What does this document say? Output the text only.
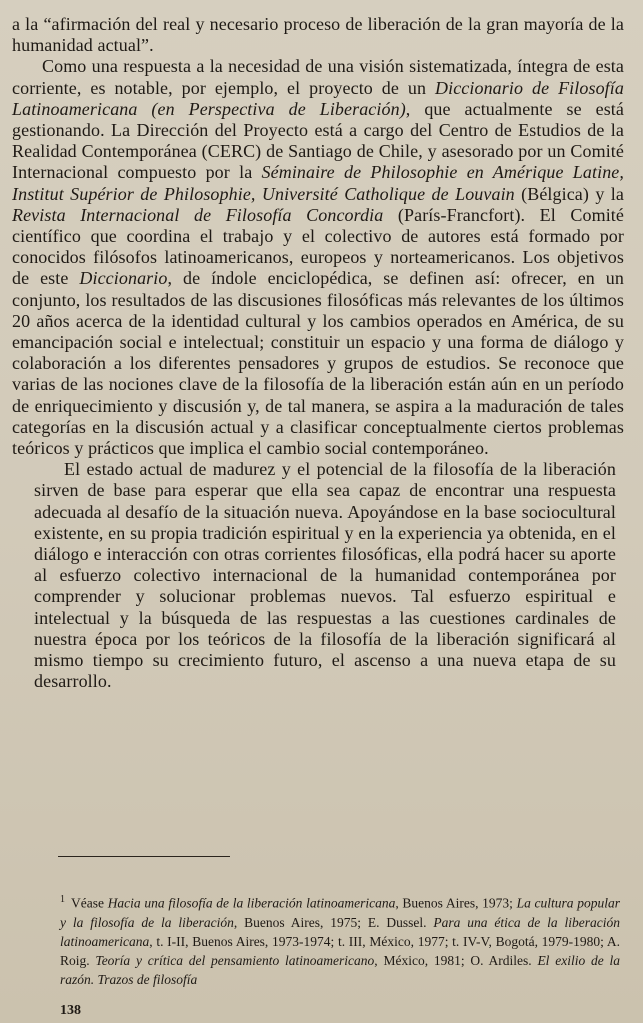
a la “afirmación del real y necesario proceso de liberación de la gran mayoría de la humanidad actual”.

Como una respuesta a la necesidad de una visión sistematizada, íntegra de esta corriente, es notable, por ejemplo, el proyecto de un Diccionario de Filosofía Latinoamericana (en Perspectiva de Liberación), que actualmente se está gestionando. La Dirección del Proyecto está a cargo del Centro de Estudios de la Realidad Contemporánea (CERC) de Santiago de Chile, y asesorado por un Comité Internacional compuesto por la Séminaire de Philosophie en Amérique Latine, Institut Supérior de Philosophie, Université Catholique de Louvain (Bélgica) y la Revista Internacional de Filosofía Concordia (París-Francfort). El Comité científico que coordina el trabajo y el colectivo de autores está formado por conocidos filósofos latinoamericanos, europeos y norteamericanos. Los objetivos de este Diccionario, de índole enciclopédica, se definen así: ofrecer, en un conjunto, los resultados de las discusiones filosóficas más relevantes de los últimos 20 años acerca de la identidad cultural y los cambios operados en América, de su emancipación social e intelectual; constituir un espacio y una forma de diálogo y colaboración a los diferentes pensadores y grupos de estudios. Se reconoce que varias de las nociones clave de la filosofía de la liberación están aún en un período de enriquecimiento y discusión y, de tal manera, se aspira a la maduración de tales categorías en la discusión actual y a clasificar conceptualmente ciertos problemas teóricos y prácticos que implica el cambio social contemporáneo.

El estado actual de madurez y el potencial de la filosofía de la liberación sirven de base para esperar que ella sea capaz de encontrar una respuesta adecuada al desafío de la situación nueva. Apoyándose en la base sociocultural existente, en su propia tradición espiritual y en la experiencia ya obtenida, en el diálogo e interacción con otras corrientes filosóficas, ella podrá hacer su aporte al esfuerzo colectivo internacional de la humanidad contemporánea por comprender y solucionar problemas nuevos. Tal esfuerzo espiritual e intelectual y la búsqueda de las respuestas a las cuestiones cardinales de nuestra época por los teóricos de la filosofía de la liberación significará al mismo tiempo su crecimiento futuro, el ascenso a una nueva etapa de su desarrollo.

$^1$ Véase Hacia una filosofía de la liberación latinoamericana, Buenos Aires, 1973; La cultura popular y la filosofía de la liberación, Buenos Aires, 1975; E. Dussel. Para una ética de la liberación latinoamericana, t. I-II, Buenos Aires, 1973-1974; t. III, México, 1977; t. IV-V, Bogotá, 1979-1980; A. Roig. Teoría y crítica del pensamiento latinoamericano, México, 1981; O. Ardiles. El exilio de la razón. Trazos de filosofía

138
